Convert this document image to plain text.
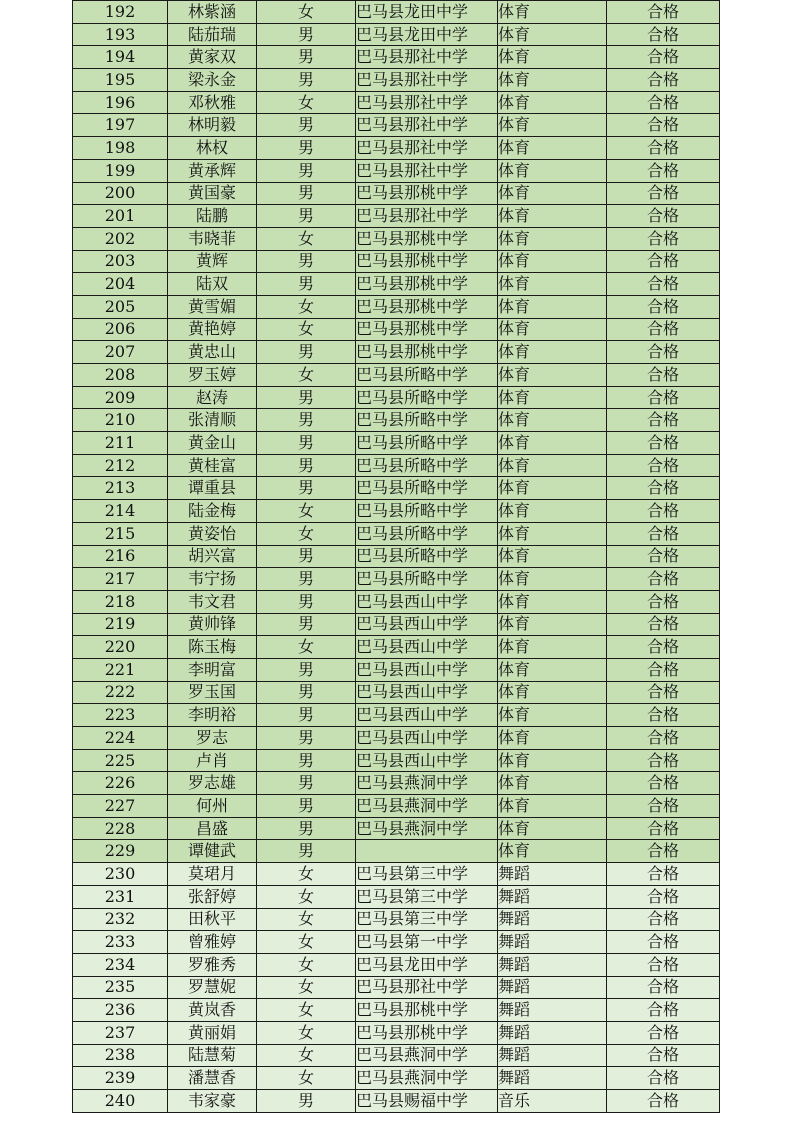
192	林紫涵	女	巴马县龙田中学	体育	合格
193	陆茄瑞	男	巴马县龙田中学	体育	合格
194	黄家双	男	巴马县那社中学	体育	合格
195	梁永金	男	巴马县那社中学	体育	合格
196	邓秋雅	女	巴马县那社中学	体育	合格
197	林明毅	男	巴马县那社中学	体育	合格
198	林权	男	巴马县那社中学	体育	合格
199	黄承辉	男	巴马县那社中学	体育	合格
200	黄国豪	男	巴马县那桃中学	体育	合格
201	陆鹏	男	巴马县那社中学	体育	合格
202	韦晓菲	女	巴马县那桃中学	体育	合格
203	黄辉	男	巴马县那桃中学	体育	合格
204	陆双	男	巴马县那桃中学	体育	合格
205	黄雪媚	女	巴马县那桃中学	体育	合格
206	黄艳婷	女	巴马县那桃中学	体育	合格
207	黄忠山	男	巴马县那桃中学	体育	合格
208	罗玉婷	女	巴马县所略中学	体育	合格
209	赵涛	男	巴马县所略中学	体育	合格
210	张清顺	男	巴马县所略中学	体育	合格
211	黄金山	男	巴马县所略中学	体育	合格
212	黄桂富	男	巴马县所略中学	体育	合格
213	谭重县	男	巴马县所略中学	体育	合格
214	陆金梅	女	巴马县所略中学	体育	合格
215	黄姿怡	女	巴马县所略中学	体育	合格
216	胡兴富	男	巴马县所略中学	体育	合格
217	韦宁扬	男	巴马县所略中学	体育	合格
218	韦文君	男	巴马县西山中学	体育	合格
219	黄帅锋	男	巴马县西山中学	体育	合格
220	陈玉梅	女	巴马县西山中学	体育	合格
221	李明富	男	巴马县西山中学	体育	合格
222	罗玉国	男	巴马县西山中学	体育	合格
223	李明裕	男	巴马县西山中学	体育	合格
224	罗志	男	巴马县西山中学	体育	合格
225	卢肖	男	巴马县西山中学	体育	合格
226	罗志雄	男	巴马县燕洞中学	体育	合格
227	何州	男	巴马县燕洞中学	体育	合格
228	昌盛	男	巴马县燕洞中学	体育	合格
229	谭健武	男		体育	合格
230	莫珺月	女	巴马县第三中学	舞蹈	合格
231	张舒婷	女	巴马县第三中学	舞蹈	合格
232	田秋平	女	巴马县第三中学	舞蹈	合格
233	曾雅婷	女	巴马县第一中学	舞蹈	合格
234	罗雅秀	女	巴马县龙田中学	舞蹈	合格
235	罗慧妮	女	巴马县那社中学	舞蹈	合格
236	黄岚香	女	巴马县那桃中学	舞蹈	合格
237	黄丽娟	女	巴马县那桃中学	舞蹈	合格
238	陆慧菊	女	巴马县燕洞中学	舞蹈	合格
239	潘慧香	女	巴马县燕洞中学	舞蹈	合格
240	韦家豪	男	巴马县赐福中学	音乐	合格
